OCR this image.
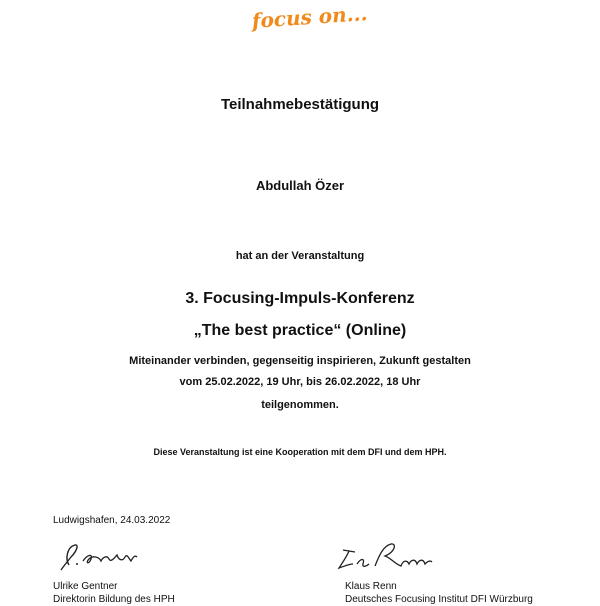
focus on...
Teilnahmebestätigung
Abdullah Özer
hat an der Veranstaltung
3. Focusing-Impuls-Konferenz
„The best practice“ (Online)
Miteinander verbinden, gegenseitig inspirieren, Zukunft gestalten
vom 25.02.2022, 19 Uhr, bis 26.02.2022, 18 Uhr
teilgenommen.
Diese Veranstaltung ist eine Kooperation mit dem DFI und dem HPH.
Ludwigshafen, 24.03.2022
Ulrike Gentner
Direktorin Bildung des HPH
Klaus Renn
Deutsches Focusing Institut DFI Würzburg
